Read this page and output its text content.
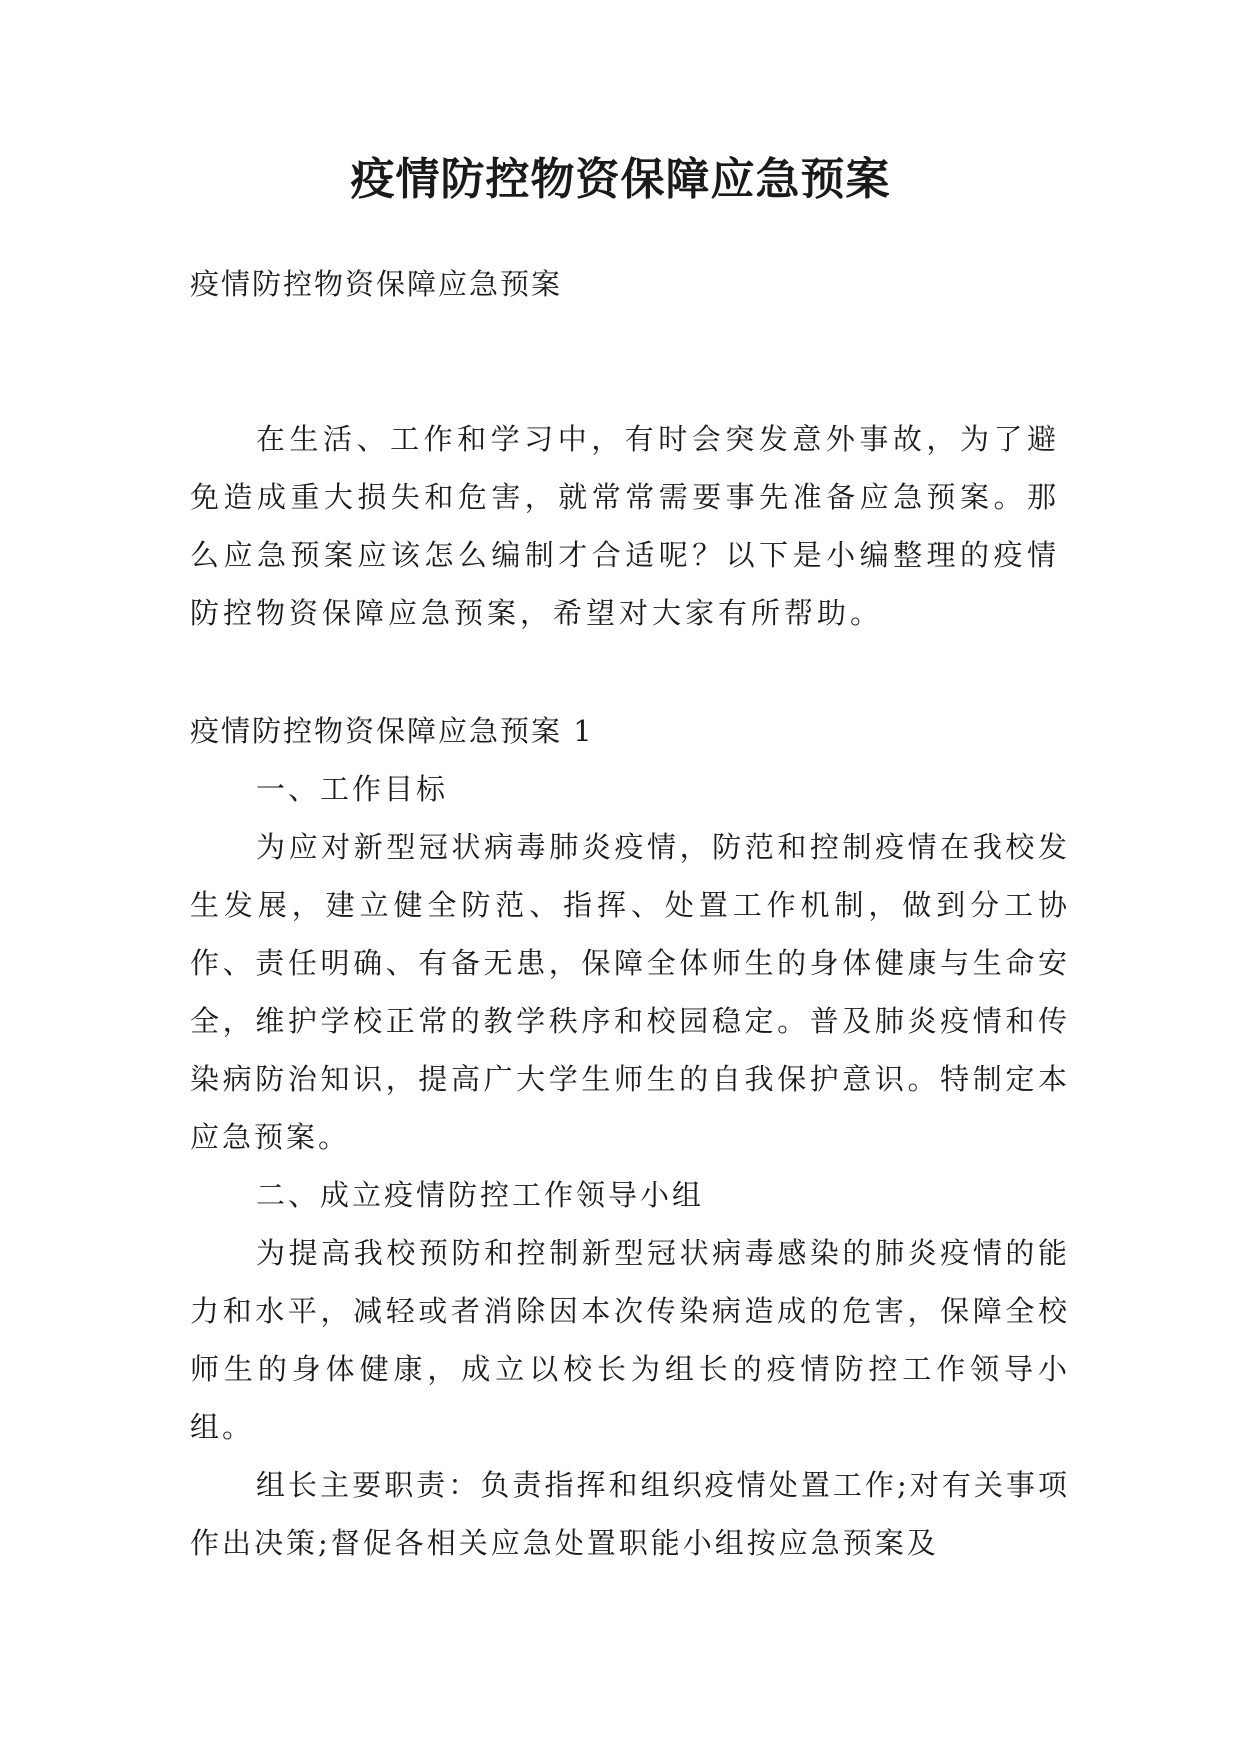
疫情防控物资保障应急预案

疫情防控物资保障应急预案

在生活、工作和学习中，有时会突发意外事故，为了避免造成重大损失和危害，就常常需要事先准备应急预案。那么应急预案应该怎么编制才合适呢？以下是小编整理的疫情防控物资保障应急预案，希望对大家有所帮助。

疫情防控物资保障应急预案 1

一、工作目标

为应对新型冠状病毒肺炎疫情，防范和控制疫情在我校发生发展，建立健全防范、指挥、处置工作机制，做到分工协作、责任明确、有备无患，保障全体师生的身体健康与生命安全，维护学校正常的教学秩序和校园稳定。普及肺炎疫情和传染病防治知识，提高广大学生师生的自我保护意识。特制定本应急预案。

二、成立疫情防控工作领导小组

为提高我校预防和控制新型冠状病毒感染的肺炎疫情的能力和水平，减轻或者消除因本次传染病造成的危害，保障全校师生的身体健康，成立以校长为组长的疫情防控工作领导小组。

组长主要职责：负责指挥和组织疫情处置工作;对有关事项作出决策;督促各相关应急处置职能小组按应急预案及
